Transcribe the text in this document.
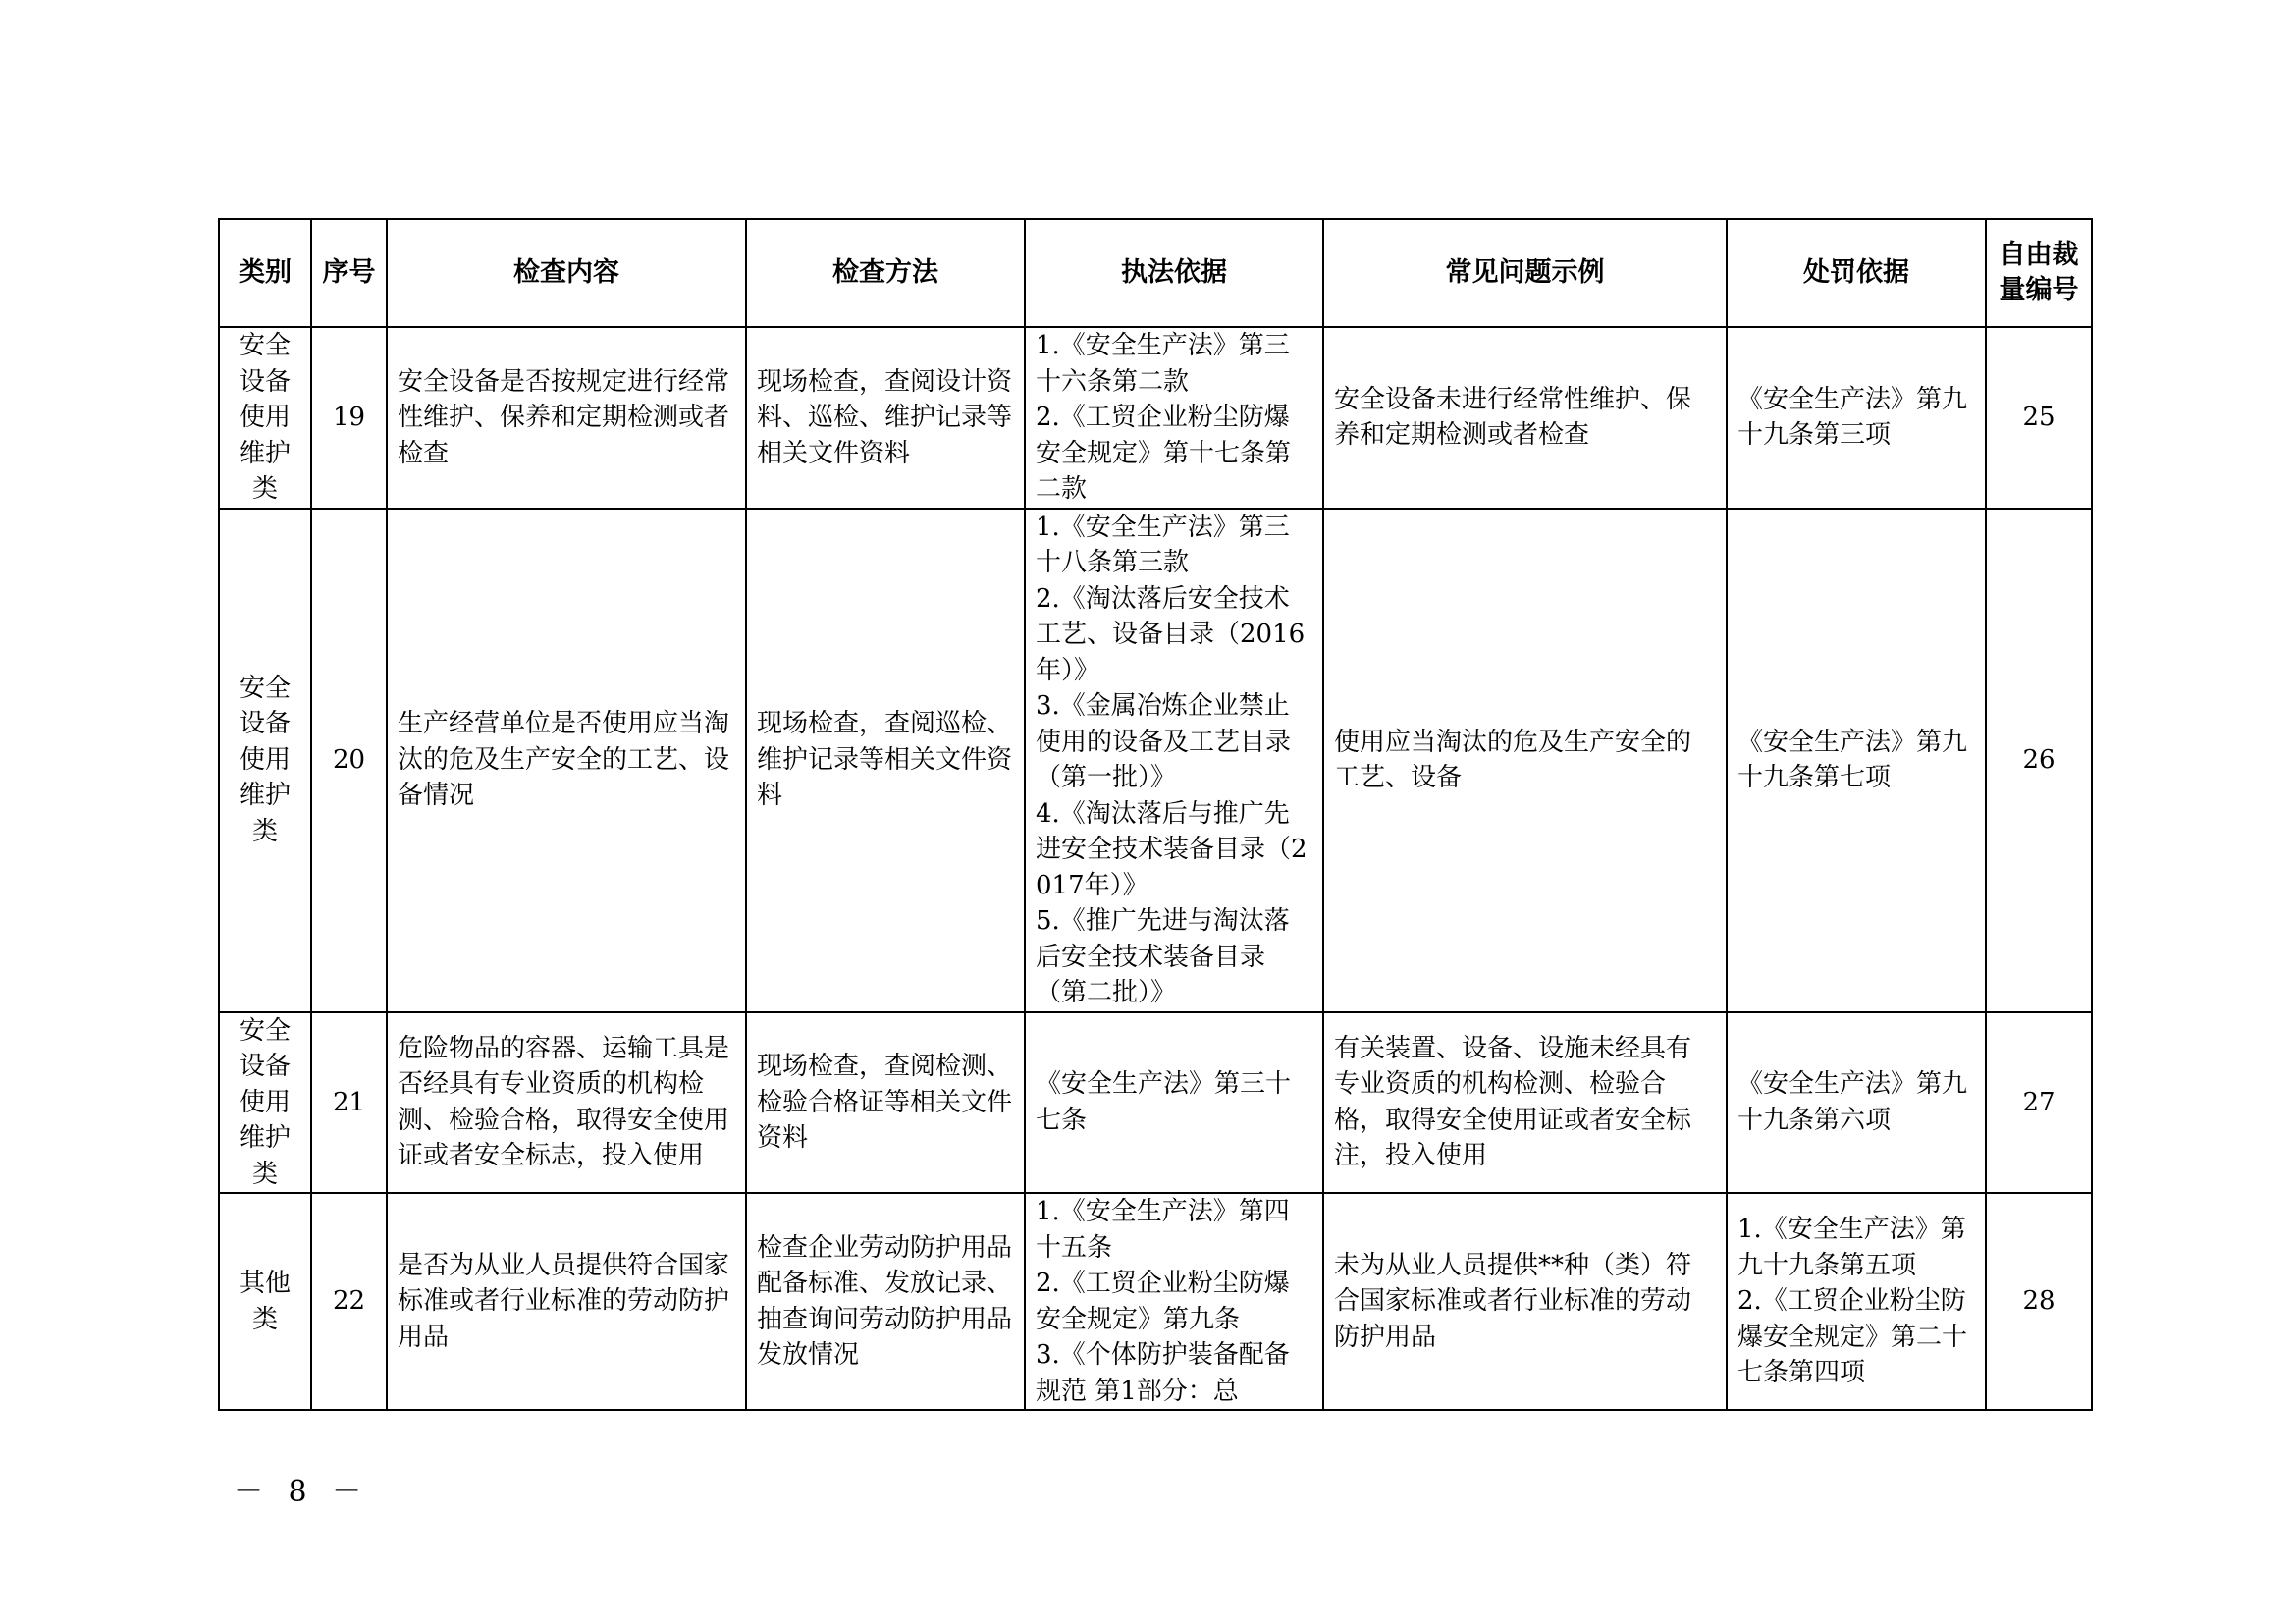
类别	序号	检查内容	检查方法	执法依据	常见问题示例	处罚依据	自由裁量编号
安全设备使用维护类	19	安全设备是否按规定进行经常性维护、保养和定期检测或者检查	现场检查，查阅设计资料、巡检、维护记录等相关文件资料	1.《安全生产法》第三十六条第二款
2.《工贸企业粉尘防爆安全规定》第十七条第二款	安全设备未进行经常性维护、保养和定期检测或者检查	《安全生产法》第九十九条第三项	25
安全设备使用维护类	20	生产经营单位是否使用应当淘汰的危及生产安全的工艺、设备情况	现场检查，查阅巡检、维护记录等相关文件资料	1.《安全生产法》第三十八条第三款
2.《淘汰落后安全技术工艺、设备目录（2016年）》
3.《金属冶炼企业禁止使用的设备及工艺目录（第一批）》
4.《淘汰落后与推广先进安全技术装备目录（2017年）》
5.《推广先进与淘汰落后安全技术装备目录（第二批）》	使用应当淘汰的危及生产安全的工艺、设备	《安全生产法》第九十九条第七项	26
安全设备使用维护类	21	危险物品的容器、运输工具是否经具有专业资质的机构检测、检验合格，取得安全使用证或者安全标志，投入使用	现场检查，查阅检测、检验合格证等相关文件资料	《安全生产法》第三十七条	有关装置、设备、设施未经具有专业资质的机构检测、检验合格，取得安全使用证或者安全标注，投入使用	《安全生产法》第九十九条第六项	27
其他类	22	是否为从业人员提供符合国家标准或者行业标准的劳动防护用品	检查企业劳动防护用品配备标准、发放记录、抽查询问劳动防护用品发放情况	1.《安全生产法》第四十五条
2.《工贸企业粉尘防爆安全规定》第九条
3.《个体防护装备配备规范 第1部分：总	未为从业人员提供**种（类）符合国家标准或者行业标准的劳动防护用品	1.《安全生产法》第九十九条第五项
2.《工贸企业粉尘防爆安全规定》第二十七条第四项	28
－ 8 －
